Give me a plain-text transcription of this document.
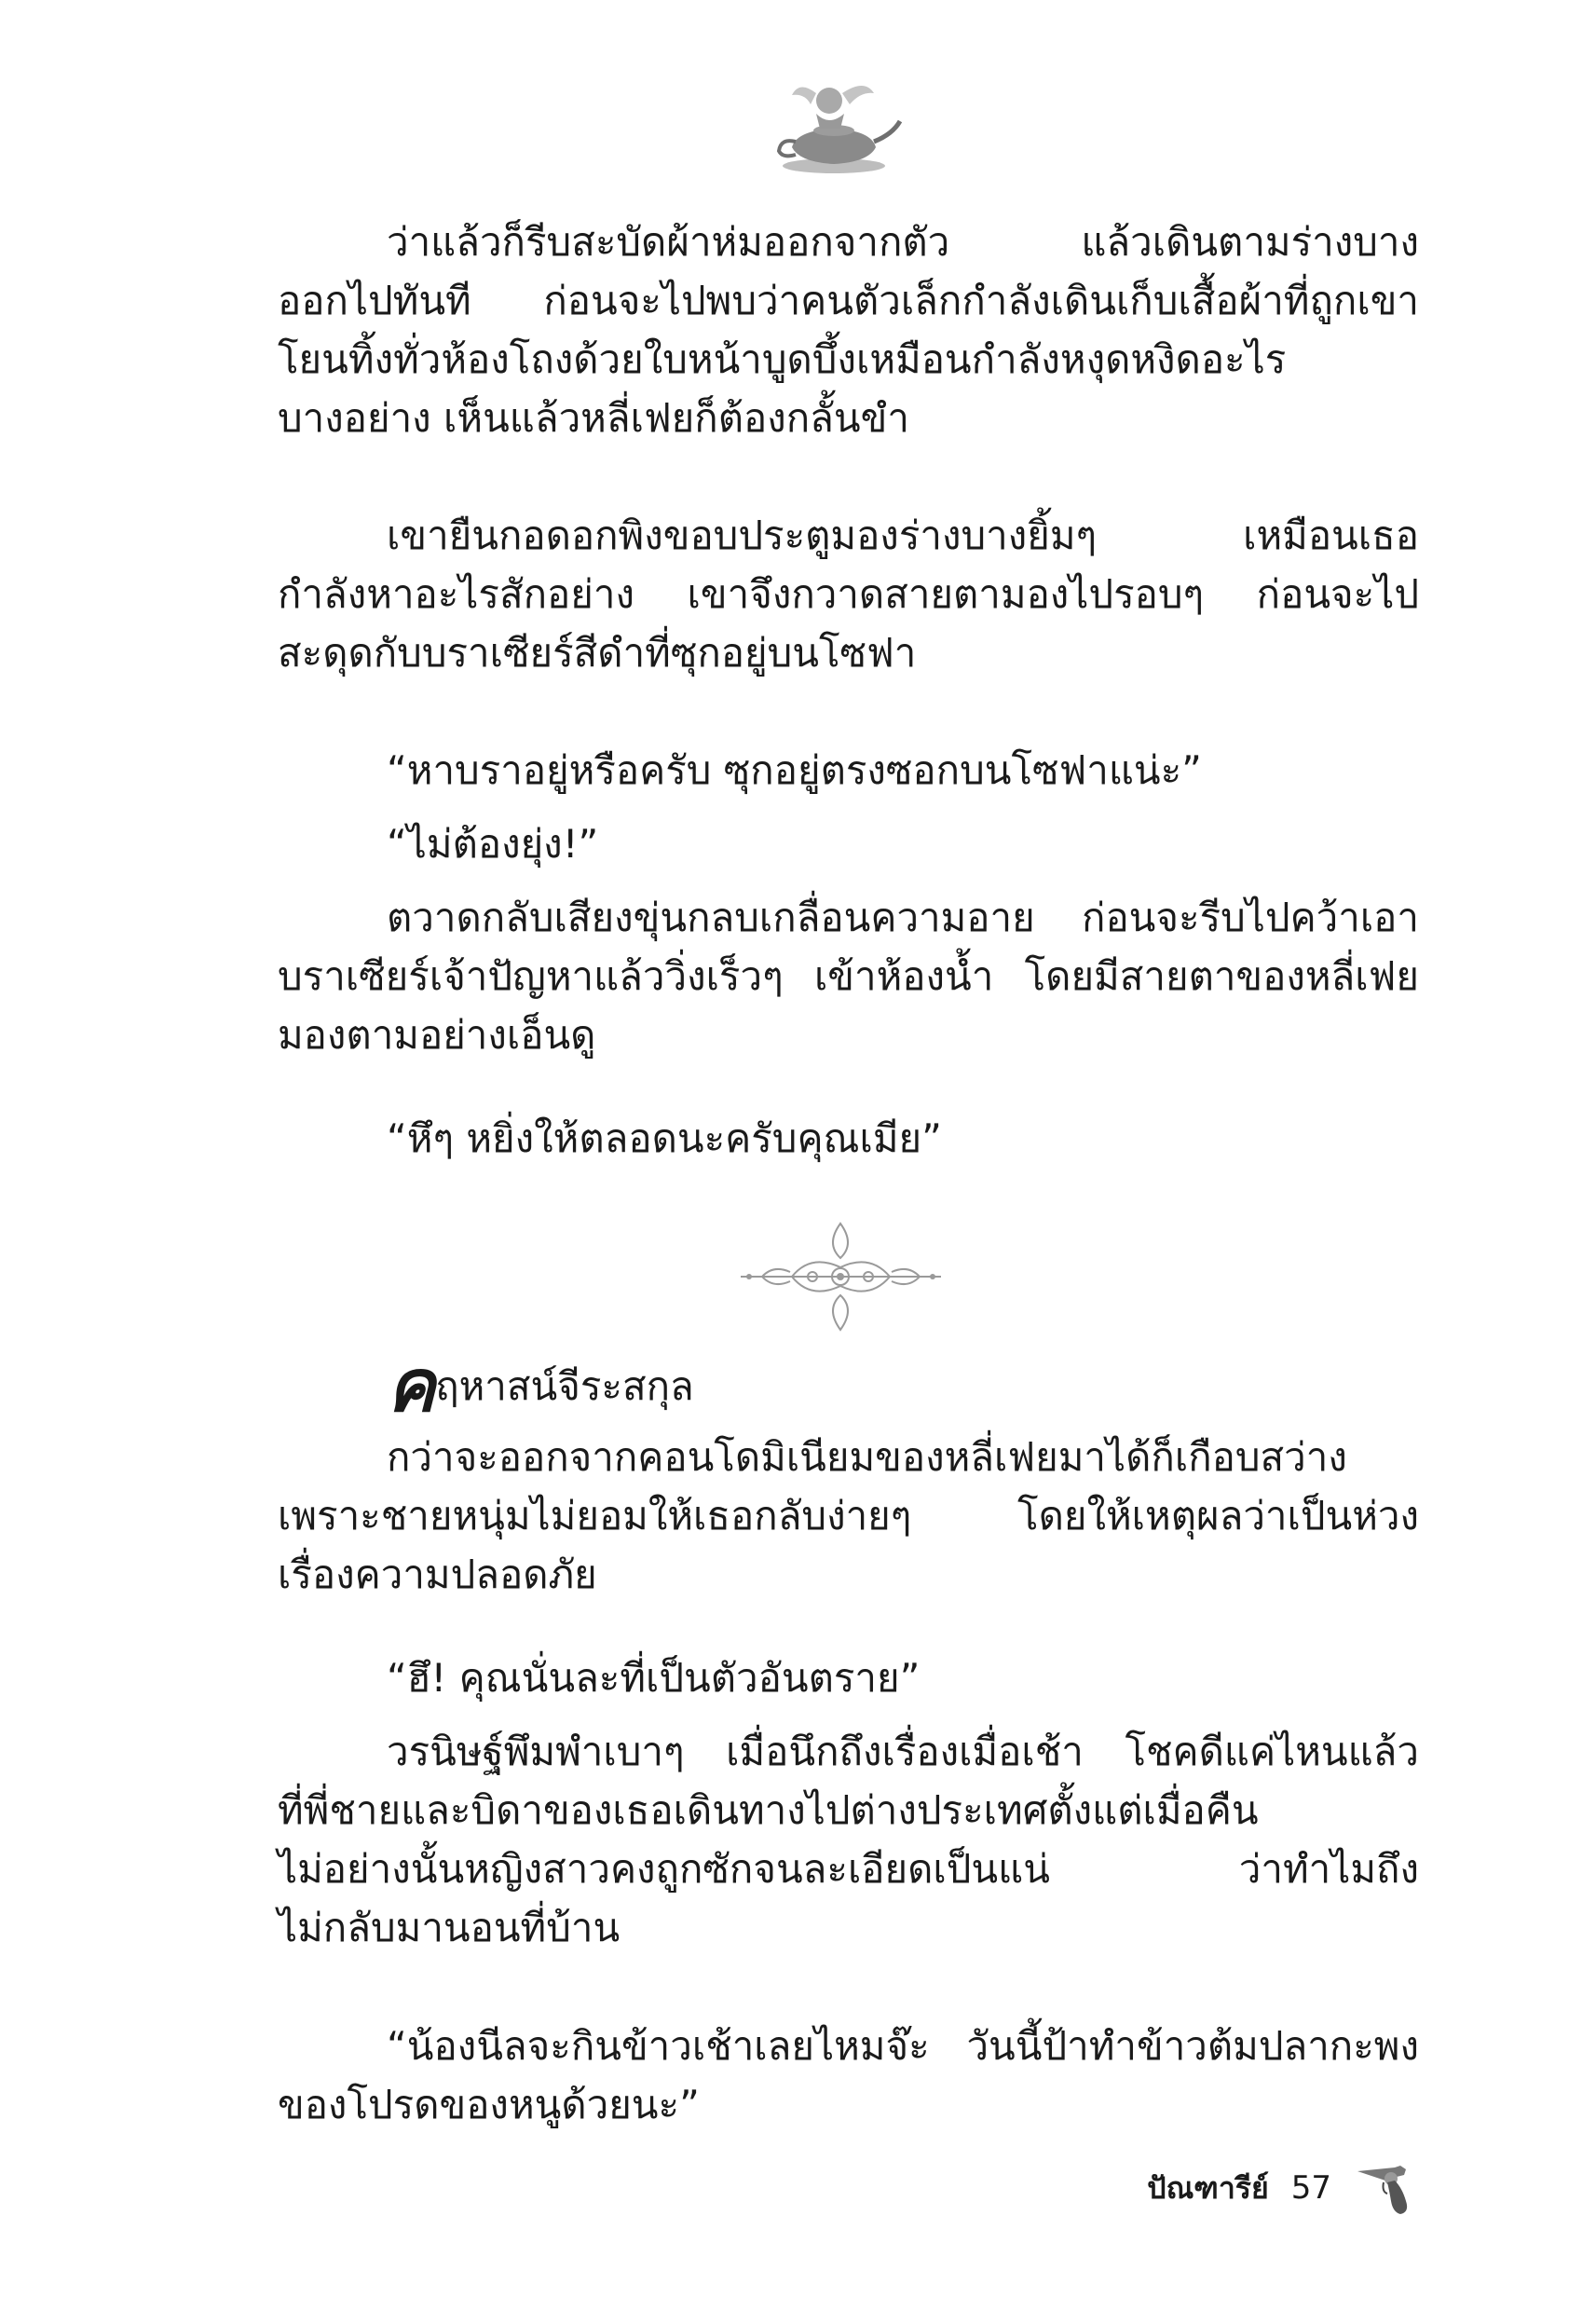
ว่าแล้วก็รีบสะบัดผ้าห่มออกจากตัว แล้วเดินตามร่างบาง
ออกไปทันที ก่อนจะไปพบว่าคนตัวเล็กกำลังเดินเก็บเสื้อผ้าที่ถูกเขา
โยนทิ้งทั่วห้องโถงด้วยใบหน้าบูดบึ้งเหมือนกำลังหงุดหงิดอะไร
บางอย่าง เห็นแล้วหลี่เฟยก็ต้องกลั้นขำ
เขายืนกอดอกพิงขอบประตูมองร่างบางยิ้มๆ เหมือนเธอ
กำลังหาอะไรสักอย่าง เขาจึงกวาดสายตามองไปรอบๆ ก่อนจะไป
สะดุดกับบราเซียร์สีดำที่ซุกอยู่บนโซฟา
“หาบราอยู่หรือครับ ซุกอยู่ตรงซอกบนโซฟาแน่ะ”
“ไม่ต้องยุ่ง!”
ตวาดกลับเสียงขุ่นกลบเกลื่อนความอาย ก่อนจะรีบไปคว้าเอา
บราเซียร์เจ้าปัญหาแล้ววิ่งเร็วๆ เข้าห้องน้ำ โดยมีสายตาของหลี่เฟย
มองตามอย่างเอ็นดู
“หึๆ หยิ่งให้ตลอดนะครับคุณเมีย”
คฤหาสน์จีระสกุล
กว่าจะออกจากคอนโดมิเนียมของหลี่เฟยมาได้ก็เกือบสว่าง
เพราะชายหนุ่มไม่ยอมให้เธอกลับง่ายๆ โดยให้เหตุผลว่าเป็นห่วง
เรื่องความปลอดภัย
“ฮึ! คุณนั่นละที่เป็นตัวอันตราย”
วรนิษฐ์พึมพำเบาๆ เมื่อนึกถึงเรื่องเมื่อเช้า โชคดีแค่ไหนแล้ว
ที่พี่ชายและบิดาของเธอเดินทางไปต่างประเทศตั้งแต่เมื่อคืน
ไม่อย่างนั้นหญิงสาวคงถูกซักจนละเอียดเป็นแน่ ว่าทำไมถึง
ไม่กลับมานอนที่บ้าน
“น้องนีลจะกินข้าวเช้าเลยไหมจ๊ะ วันนี้ป้าทำข้าวต้มปลากะพง
ของโปรดของหนูด้วยนะ”
ปัณฑารีย์ 57
